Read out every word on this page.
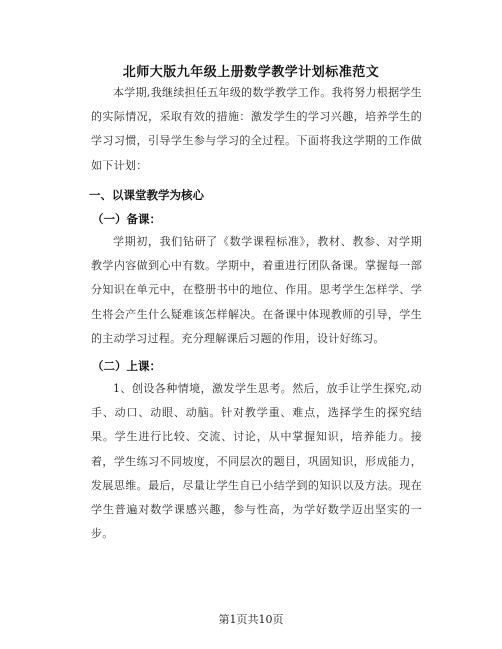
北师大版九年级上册数学教学计划标准范文

本学期,我继续担任五年级的数学教学工作。我将努力根据学生的实际情况，采取有效的措施：激发学生的学习兴趣，培养学生的学习习惯，引导学生参与学习的全过程。下面将我这学期的工作做如下计划：

一、以课堂教学为核心
（一）备课：

学期初，我们钻研了《数学课程标准》，教材、教参、对学期教学内容做到心中有数。学期中，着重进行团队备课。掌握每一部分知识在单元中，在整册书中的地位、作用。思考学生怎样学、学生将会产生什么疑难该怎样解决。在备课中体现教师的引导，学生的主动学习过程。充分理解课后习题的作用，设计好练习。

（二）上课：

1、创设各种情境，激发学生思考。然后，放手让学生探究,动手、动口、动眼、动脑。针对教学重、难点，选择学生的探究结果。学生进行比较、交流、讨论，从中掌握知识，培养能力。接着，学生练习不同坡度，不同层次的题目，巩固知识，形成能力，发展思维。最后，尽量让学生自已小结学到的知识以及方法。现在学生普遍对数学课感兴趣，参与性高，为学好数学迈出坚实的一步。

第1页共10页
